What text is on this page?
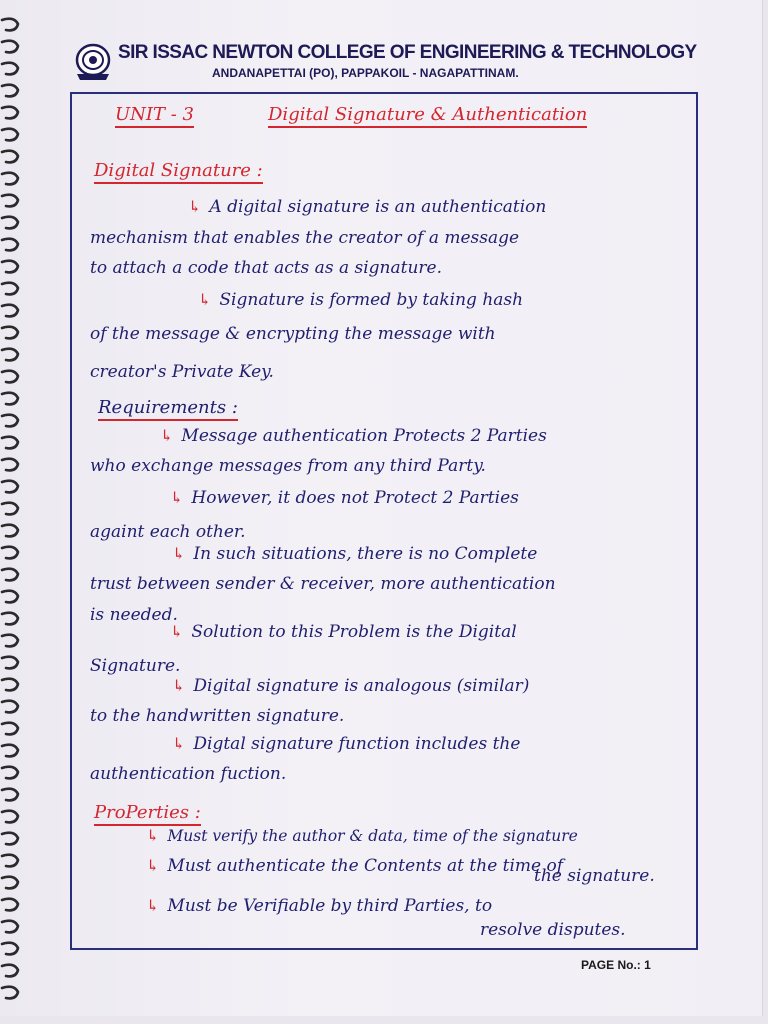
SIR ISSAC NEWTON COLLEGE OF ENGINEERING & TECHNOLOGY
ANDANAPETTAI (PO), PAPPAKOIL - NAGAPATTINAM.
UNIT - 3	Digital Signature & Authentication
Digital Signature :
↳ A digital signature is an authentication
mechanism that enables the creator of a message
to attach a code that acts as a signature.
↳ Signature is formed by taking hash
of the message & encrypting the message with
creator's Private Key.
Requirements :
↳ Message authentication Protects 2 Parties
who exchange messages from any third Party.
↳ However, it does not Protect 2 Parties
againt each other.
↳ In such situations, there is no Complete
trust between sender & receiver, more authentication
is needed.
↳ Solution to this Problem is the Digital
Signature.
↳ Digital signature is analogous (similar)
to the handwritten signature.
↳ Digtal signature function includes the
authentication fuction.
ProPerties :
↳ Must verify the author & data, time of the signature
↳ Must authenticate the Contents at the time of
the signature.
↳ Must be Verifiable by third Parties, to
resolve disputes.
PAGE No.: 1
